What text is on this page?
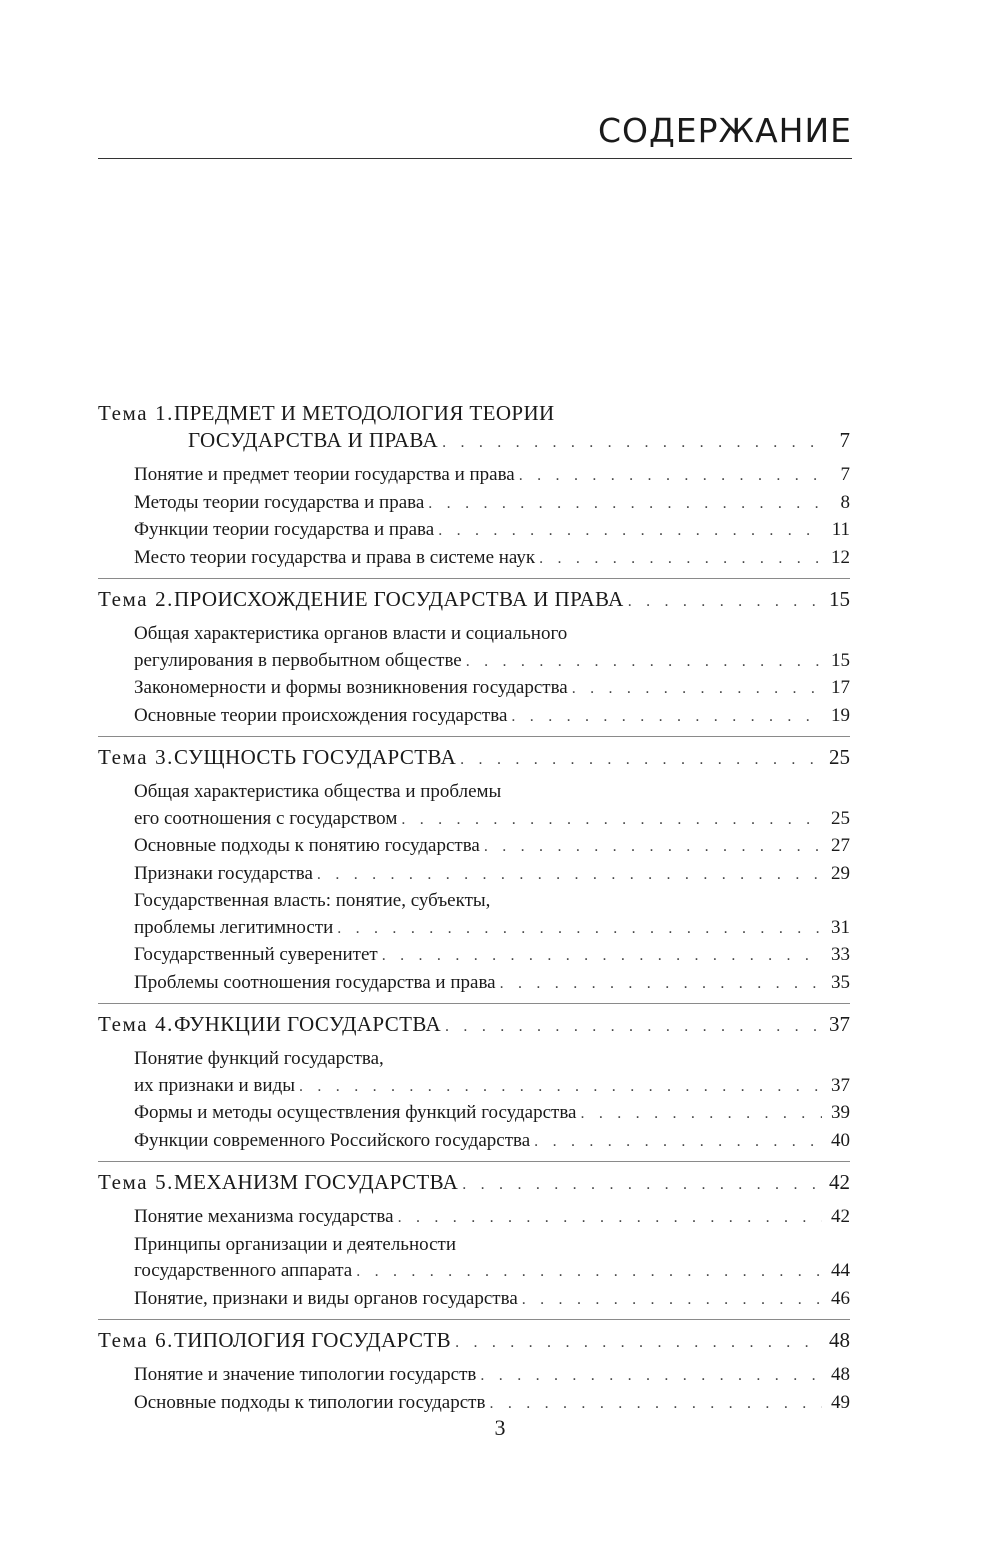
СОДЕРЖАНИЕ
Тема 1.ПРЕДМЕТ И МЕТОДОЛОГИЯ ТЕОРИИ
ГОСУДАРСТВА И ПРАВА . . .	7
Понятие и предмет теории государства и права . . .	7
Методы теории государства и права . . .	8
Функции теории государства и права . . .	11
Место теории государства и права в системе наук . . .	12
Тема 2.ПРОИСХОЖДЕНИЕ ГОСУДАРСТВА И ПРАВА . . .	15
Общая характеристика органов власти и социального
регулирования в первобытном обществе . . .	15
Закономерности и формы возникновения государства . . .	17
Основные теории происхождения государства . . .	19
Тема 3.СУЩНОСТЬ ГОСУДАРСТВА . . .	25
Общая характеристика общества и проблемы
его соотношения с государством . . .	25
Основные подходы к понятию государства . . .	27
Признаки государства . . .	29
Государственная власть: понятие, субъекты,
проблемы легитимности . . .	31
Государственный суверенитет . . .	33
Проблемы соотношения государства и права . . .	35
Тема 4.ФУНКЦИИ ГОСУДАРСТВА . . .	37
Понятие функций государства,
их признаки и виды . . .	37
Формы и методы осуществления функций государства . . .	39
Функции современного Российского государства . . .	40
Тема 5.МЕХАНИЗМ ГОСУДАРСТВА . . .	42
Понятие механизма государства . . .	42
Принципы организации и деятельности
государственного аппарата . . .	44
Понятие, признаки и виды органов государства . . .	46
Тема 6.ТИПОЛОГИЯ ГОСУДАРСТВ . . .	48
Понятие и значение типологии государств . . .	48
Основные подходы к типологии государств . . .	49
3
